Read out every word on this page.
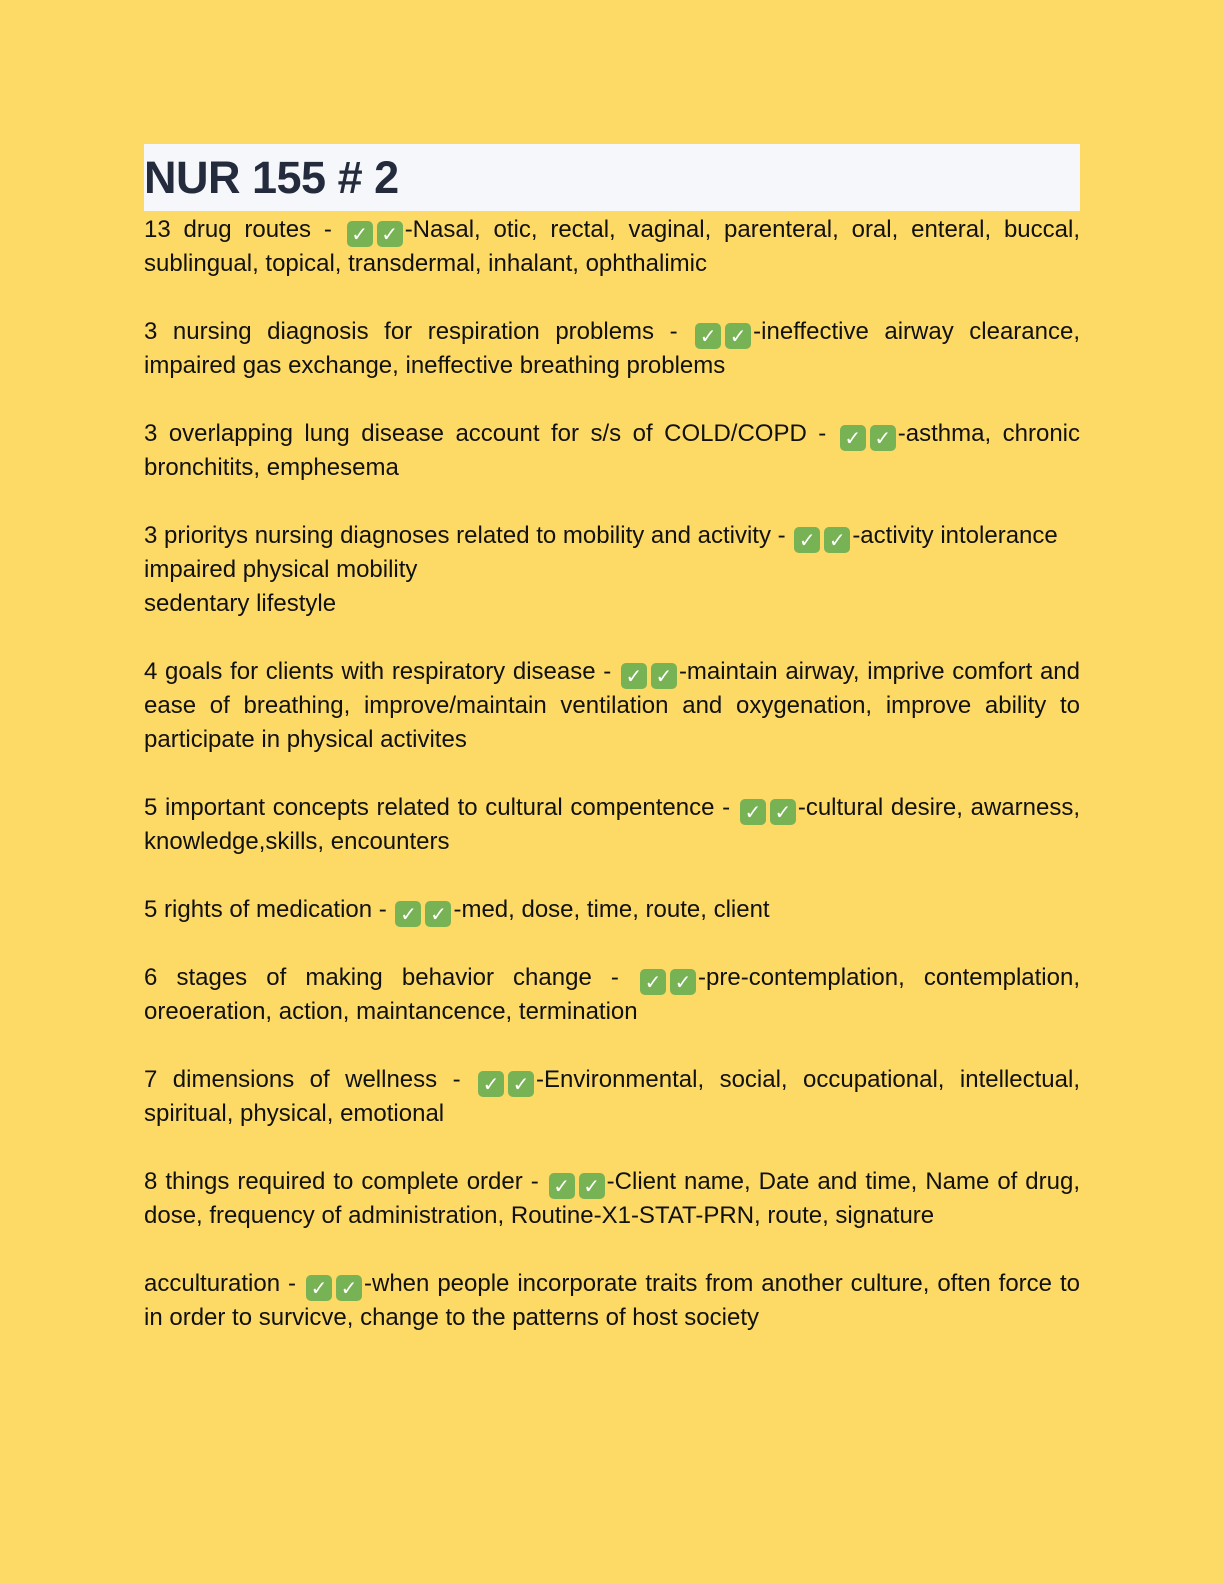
NUR 155 # 2

13 drug routes - ✓ ✓ -Nasal, otic, rectal, vaginal, parenteral, oral, enteral, buccal, sublingual, topical, transdermal, inhalant, ophthalimic

3 nursing diagnosis for respiration problems - ✓ ✓ -ineffective airway clearance, impaired gas exchange, ineffective breathing problems

3 overlapping lung disease account for s/s of COLD/COPD - ✓ ✓ -asthma, chronic bronchitits, emphesema

3 prioritys nursing diagnoses related to mobility and activity - ✓ ✓ -activity intolerance
impaired physical mobility
sedentary lifestyle

4 goals for clients with respiratory disease - ✓ ✓ -maintain airway, imprive comfort and ease of breathing, improve/maintain ventilation and oxygenation, improve ability to participate in physical activites

5 important concepts related to cultural compentence - ✓ ✓ -cultural desire, awarness, knowledge,skills, encounters

5 rights of medication - ✓ ✓ -med, dose, time, route, client

6 stages of making behavior change - ✓ ✓ -pre-contemplation, contemplation, oreoeration, action, maintancence, termination

7 dimensions of wellness - ✓ ✓ -Environmental, social, occupational, intellectual, spiritual, physical, emotional

8 things required to complete order - ✓ ✓ -Client name, Date and time, Name of drug, dose, frequency of administration, Routine-X1-STAT-PRN, route, signature

acculturation - ✓ ✓ -when people incorporate traits from another culture, often force to in order to survicve, change to the patterns of host society
